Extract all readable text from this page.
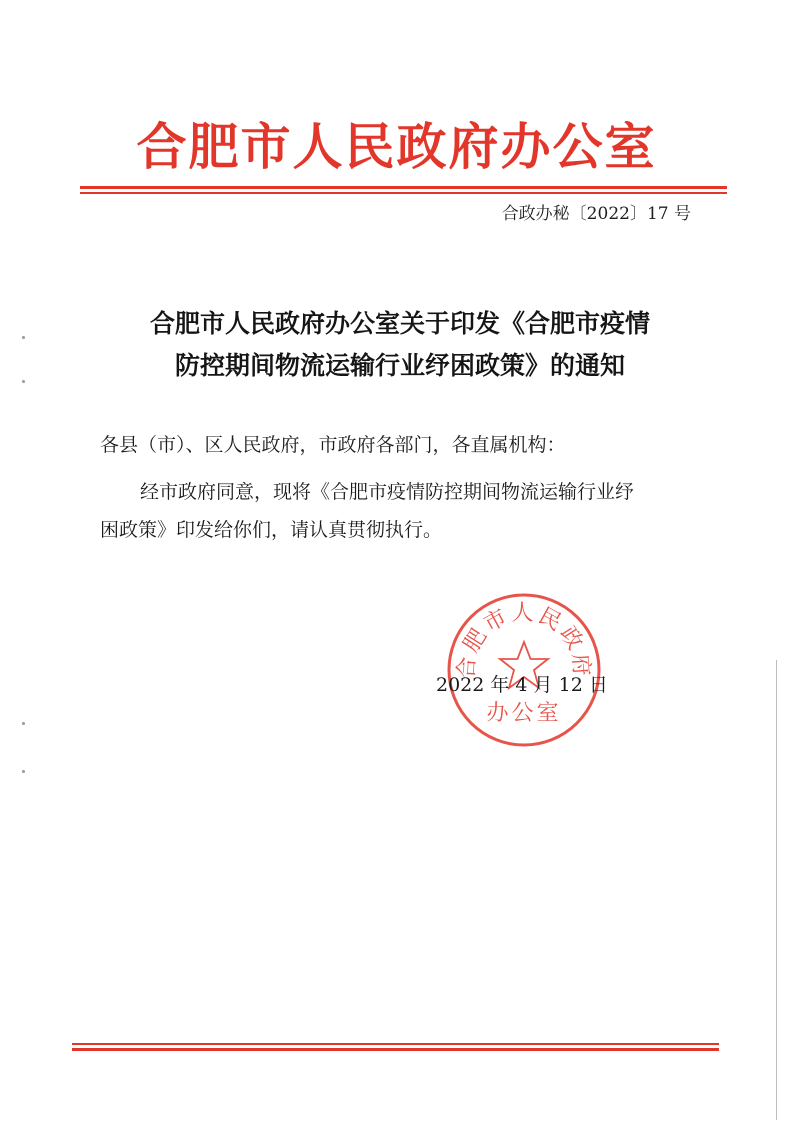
合肥市人民政府办公室
合政办秘〔2022〕17 号
合肥市人民政府办公室关于印发《合肥市疫情
防控期间物流运输行业纾困政策》的通知
各县（市）、区人民政府，市政府各部门，各直属机构：
经市政府同意，现将《合肥市疫情防控期间物流运输行业纾
困政策》印发给你们，请认真贯彻执行。
合肥市人民政府
办公室
2022 年 4 月 12 日
